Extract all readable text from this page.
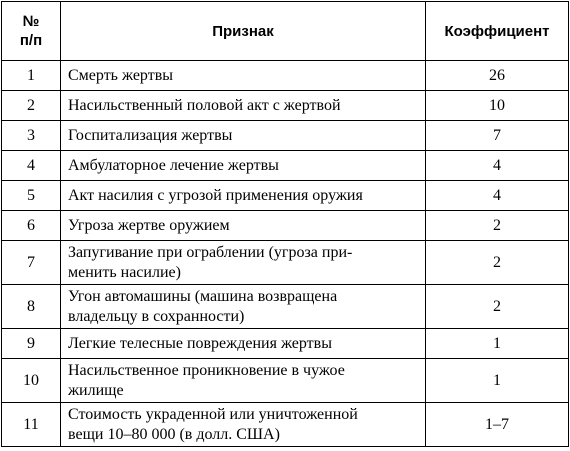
№
п/п	Признак	Коэффициент
1	Смерть жертвы	26
2	Насильственный половой акт с жертвой	10
3	Госпитализация жертвы	7
4	Амбулаторное лечение жертвы	4
5	Акт насилия с угрозой применения оружия	4
6	Угроза жертве оружием	2
7	Запугивание при ограблении (угроза при-
менить насилие)	2
8	Угон автомашины (машина возвращена
владельцу в сохранности)	2
9	Легкие телесные повреждения жертвы	1
10	Насильственное проникновение в чужое
жилище	1
11	Стоимость украденной или уничтоженной
вещи 10–80 000 (в долл. США)	1–7
